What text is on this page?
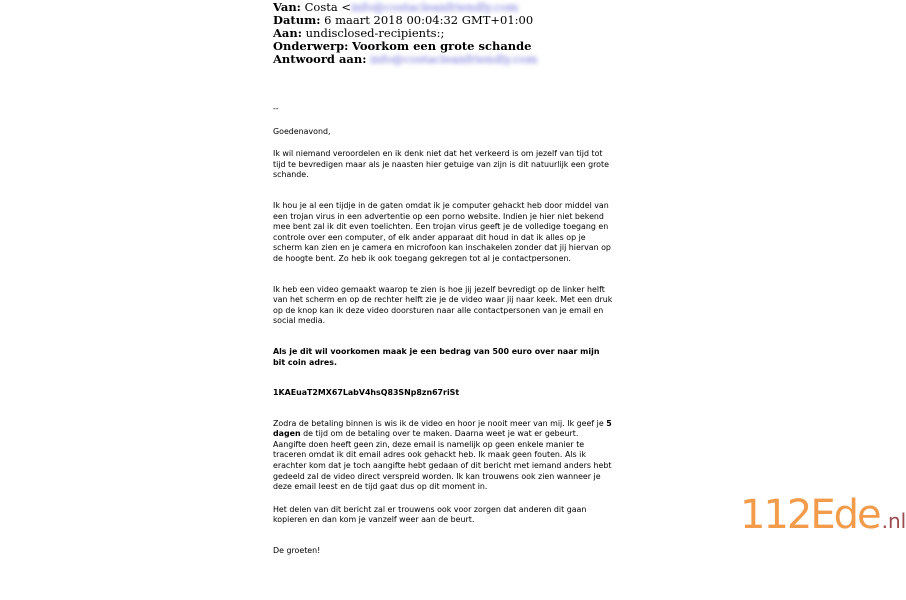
Van: Costa <info@costacleanfriendly.com
Datum: 6 maart 2018 00:04:32 GMT+01:00
Aan: undisclosed-recipients:;
Onderwerp: Voorkom een grote schande
Antwoord aan: info@costacleanfriendly.com

--

Goedenavond,

Ik wil niemand veroordelen en ik denk niet dat het verkeerd is om jezelf van tijd tot tijd te bevredigen maar als je naasten hier getuige van zijn is dit natuurlijk een grote schande.

Ik hou je al een tijdje in de gaten omdat ik je computer gehackt heb door middel van een trojan virus in een advertentie op een porno website. Indien je hier niet bekend mee bent zal ik dit even toelichten. Een trojan virus geeft je de volledige toegang en controle over een computer, of elk ander apparaat dit houd in dat ik alles op je scherm kan zien en je camera en microfoon kan inschakelen zonder dat jij hiervan op de hoogte bent. Zo heb ik ook toegang gekregen tot al je contactpersonen.

Ik heb een video gemaakt waarop te zien is hoe jij jezelf bevredigt op de linker helft van het scherm en op de rechter helft zie je de video waar jij naar keek. Met een druk op de knop kan ik deze video doorsturen naar alle contactpersonen van je email en social media.

Als je dit wil voorkomen maak je een bedrag van 500 euro over naar mijn bit coin adres.

1KAEuaT2MX67LabV4hsQ83SNp8zn67riSt

Zodra de betaling binnen is wis ik de video en hoor je nooit meer van mij. Ik geef je 5 dagen de tijd om de betaling over te maken. Daarna weet je wat er gebeurt.

Aangifte doen heeft geen zin, deze email is namelijk op geen enkele manier te traceren omdat ik dit email adres ook gehackt heb. Ik maak geen fouten. Als ik erachter kom dat je toch aangifte hebt gedaan of dit bericht met iemand anders hebt gedeeld zal de video direct verspreid worden. Ik kan trouwens ook zien wanneer je deze email leest en de tijd gaat dus op dit moment in.

Het delen van dit bericht zal er trouwens ook voor zorgen dat anderen dit gaan kopieren en dan kom je vanzelf weer aan de beurt.

De groeten!

112Ede .nl
